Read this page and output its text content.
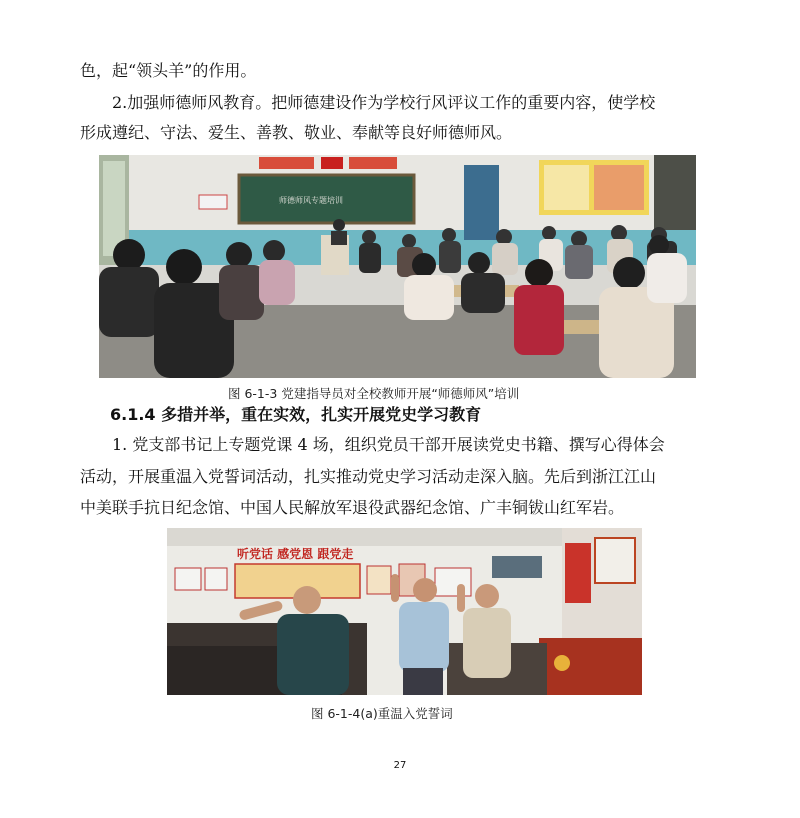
色，起“领头羊”的作用。
2.加强师德师风教育。把师德建设作为学校行风评议工作的重要内容，使学校
形成遵纪、守法、爱生、善教、敬业、奉献等良好师德师风。
师德师风专题培训
图 6-1-3 党建指导员对全校教师开展“师德师风”培训
6.1.4 多措并举，重在实效，扎实开展党史学习教育
1. 党支部书记上专题党课 4 场，组织党员干部开展读党史书籍、撰写心得体会
活动，开展重温入党誓词活动，扎实推动党史学习活动走深入脑。先后到浙江江山
中美联手抗日纪念馆、中国人民解放军退役武器纪念馆、广丰铜钹山红军岩。
听党话 感党恩 跟党走
图 6-1-4(a)重温入党誓词
27
